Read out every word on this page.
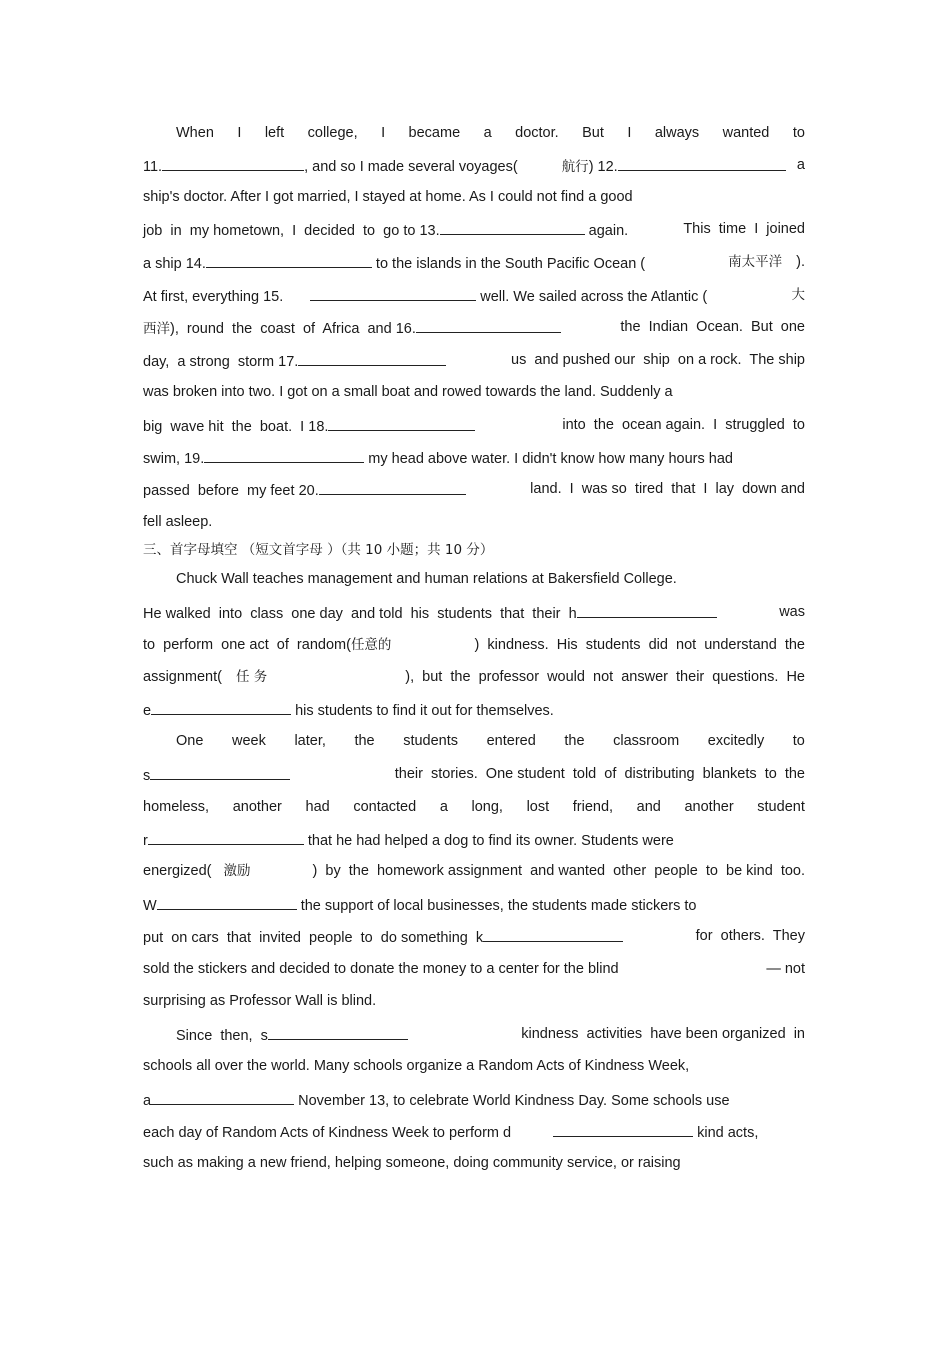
When I left college, I became a doctor. But I always wanted to
11.	, and so I made several voyages(	航行) 12.	a
ship's doctor. After I got married, I stayed at home. As I could not find a good
job  in  my hometown,  I  decided  to  go to 13.	again.	This  time  I  joined
a ship 14.	to the islands in the South Pacific Ocean (	南太平洋 ).
At first, everything 15.	well. We sailed across the Atlantic (	大
西洋),  round  the  coast  of  Africa  and 16.	the  Indian  Ocean.  But  one
day,  a strong  storm 17.	us  and pushed our  ship  on a rock.  The ship
was broken into two. I got on a small boat and rowed towards the land. Suddenly a
big  wave hit  the  boat.  I 18.	into  the  ocean again.  I  struggled  to
swim, 19.	my head above water. I didn't know how many hours had
passed  before  my feet 20.	land.  I  was so  tired  that  I  lay  down and
fell asleep.
三、首字母填空 （短文首字母 ）（共 10 小题；共 10 分）
Chuck Wall teaches management and human relations at Bakersfield College.
He walked  into  class  one day  and told  his  students  that  their  h	was
to  perform  one act  of  random(任意的	)  kindness.  His  students  did  not  understand  the
assignment( 任 务	),  but  the  professor  would  not  answer  their  questions.  He
e	his students to find it out for themselves.
One week later, the students entered the classroom excitedly to
s	their  stories.  One student  told  of  distributing  blankets  to  the
homeless, another had contacted a long, lost friend, and another student
r	that he had helped a dog to find its owner. Students were
energized( 激励	)  by  the  homework assignment  and wanted  other  people  to  be kind  too.
W	the support of local businesses, the students made stickers to
put  on cars  that  invited  people  to  do something  k	for  others.  They
sold the stickers and decided to donate the money to a center for the blind	— not
surprising as Professor Wall is blind.
Since  then,  s	kindness  activities  have been organized  in
schools all over the world. Many schools organize a Random Acts of Kindness Week,
a	November 13, to celebrate World Kindness Day. Some schools use
each day of Random Acts of Kindness Week to perform d	kind acts,
such as making a new friend, helping someone, doing community service, or raising
